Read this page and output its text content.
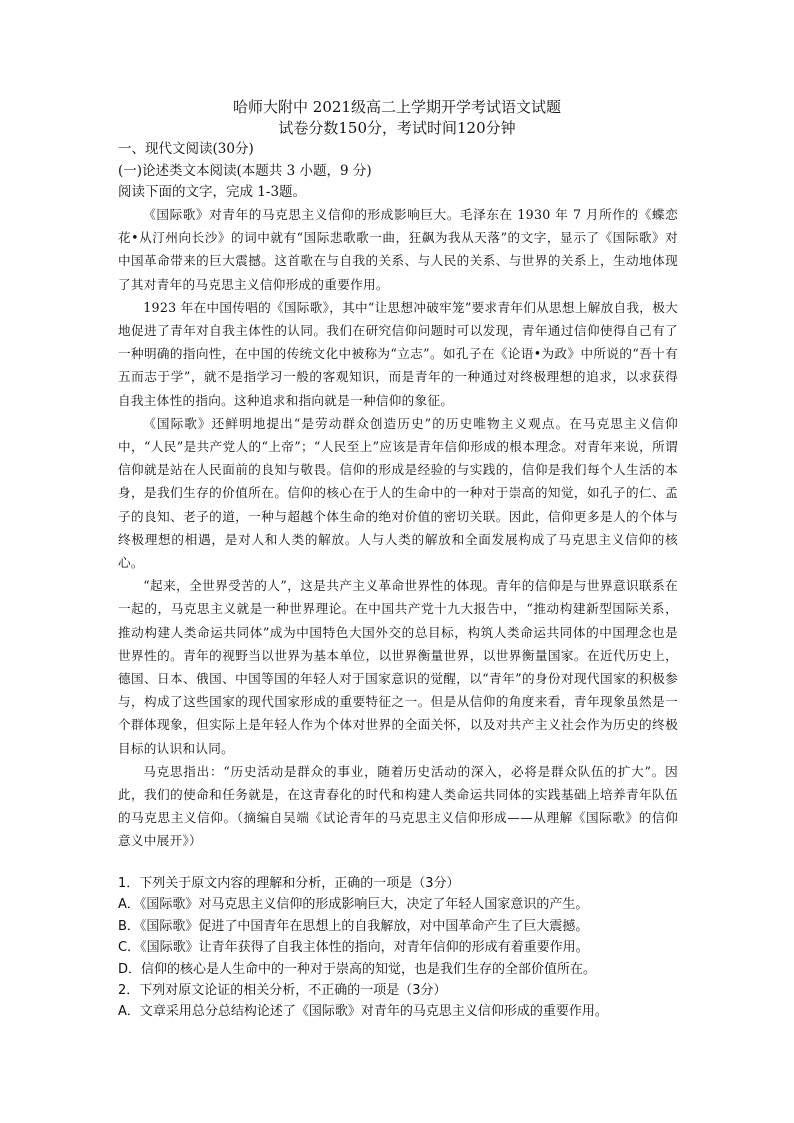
哈师大附中 2021级高二上学期开学考试语文试题
试卷分数150分，考试时间120分钟
一、现代文阅读(30分)
(一)论述类文本阅读(本题共 3 小题，9 分)
阅读下面的文字，完成 1-3题。

《国际歌》对青年的马克思主义信仰的形成影响巨大。毛泽东在 1930 年 7 月所作的《蝶恋花•从汀州向长沙》的词中就有“国际悲歌歌一曲，狂飙为我从天落”的文字，显示了《国际歌》对中国革命带来的巨大震撼。这首歌在与自我的关系、与人民的关系、与世界的关系上，生动地体现了其对青年的马克思主义信仰形成的重要作用。

1923 年在中国传唱的《国际歌》，其中“让思想冲破牢笼”要求青年们从思想上解放自我，极大地促进了青年对自我主体性的认同。我们在研究信仰问题时可以发现，青年通过信仰使得自己有了一种明确的指向性，在中国的传统文化中被称为“立志”。如孔子在《论语•为政》中所说的“吾十有五而志于学”，就不是指学习一般的客观知识，而是青年的一种通过对终极理想的追求，以求获得自我主体性的指向。这种追求和指向就是一种信仰的象征。

《国际歌》还鲜明地提出“是劳动群众创造历史”的历史唯物主义观点。在马克思主义信仰中，“人民”是共产党人的“上帝”；“人民至上”应该是青年信仰形成的根本理念。对青年来说，所谓信仰就是站在人民面前的良知与敬畏。信仰的形成是经验的与实践的，信仰是我们每个人生活的本身，是我们生存的价值所在。信仰的核心在于人的生命中的一种对于崇高的知觉，如孔子的仁、孟子的良知、老子的道，一种与超越个体生命的绝对价值的密切关联。因此，信仰更多是人的个体与终极理想的相遇，是对人和人类的解放。人与人类的解放和全面发展构成了马克思主义信仰的核心。

“起来，全世界受苦的人”，这是共产主义革命世界性的体现。青年的信仰是与世界意识联系在一起的，马克思主义就是一种世界理论。在中国共产党十九大报告中，“推动构建新型国际关系，推动构建人类命运共同体”成为中国特色大国外交的总目标，构筑人类命运共同体的中国理念也是世界性的。青年的视野当以世界为基本单位，以世界衡量世界，以世界衡量国家。在近代历史上，德国、日本、俄国、中国等国的年轻人对于国家意识的觉醒，以“青年”的身份对现代国家的积极参与，构成了这些国家的现代国家形成的重要特征之一。但是从信仰的角度来看，青年现象虽然是一个群体现象，但实际上是年轻人作为个体对世界的全面关怀，以及对共产主义社会作为历史的终极目标的认识和认同。

马克思指出：“历史活动是群众的事业，随着历史活动的深入，必将是群众队伍的扩大”。因此，我们的使命和任务就是，在这青春化的时代和构建人类命运共同体的实践基础上培养青年队伍的马克思主义信仰。（摘编自吴端《试论青年的马克思主义信仰形成——从理解《国际歌》的信仰意义中展开》）

1．下列关于原文内容的理解和分析，正确的一项是（3分）
A．《国际歌》对马克思主义信仰的形成影响巨大，决定了年轻人国家意识的产生。
B．《国际歌》促进了中国青年在思想上的自我解放，对中国革命产生了巨大震撼。
C．《国际歌》让青年获得了自我主体性的指向，对青年信仰的形成有着重要作用。
D．信仰的核心是人生命中的一种对于崇高的知觉，也是我们生存的全部价值所在。
2．下列对原文论证的相关分析，不正确的一项是（3分）
A．文章采用总分总结构论述了《国际歌》对青年的马克思主义信仰形成的重要作用。
